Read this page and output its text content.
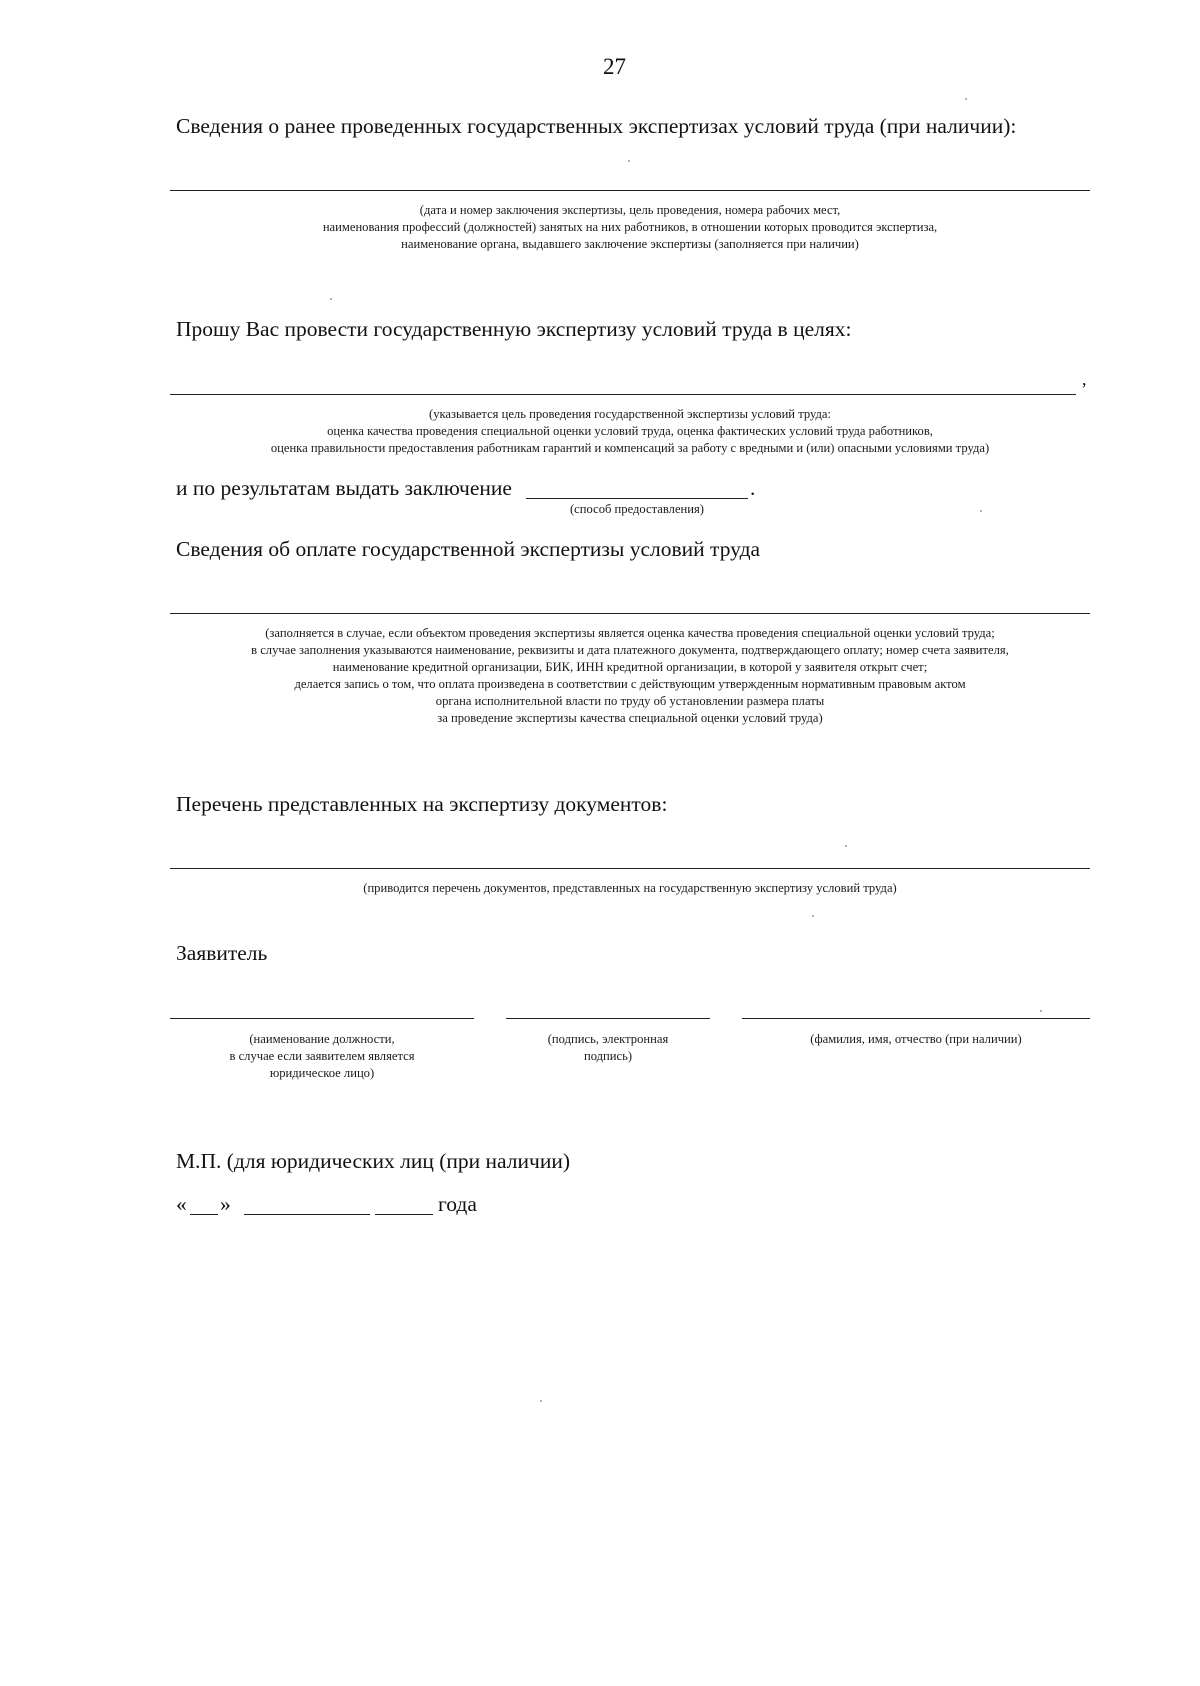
27
Сведения о ранее проведенных государственных экспертизах условий труда (при наличии):
(дата и номер заключения экспертизы, цель проведения, номера рабочих мест,
наименования профессий (должностей) занятых на них работников, в отношении которых проводится экспертиза,
наименование органа, выдавшего заключение экспертизы (заполняется при наличии)
Прошу Вас провести государственную экспертизу условий труда в целях:
,
(указывается цель проведения государственной экспертизы условий труда:
оценка качества проведения специальной оценки условий труда, оценка фактических условий труда работников,
оценка правильности предоставления работникам гарантий и компенсаций за работу с вредными и (или) опасными условиями труда)
и по результатам выдать заключение	.
(способ предоставления)
Сведения об оплате государственной экспертизы условий труда
(заполняется в случае, если объектом проведения экспертизы является оценка качества проведения специальной оценки условий труда;
в случае заполнения указываются наименование, реквизиты и дата платежного документа, подтверждающего оплату; номер счета заявителя,
наименование кредитной организации, БИК, ИНН кредитной организации, в которой у заявителя открыт счет;
делается запись о том, что оплата произведена в соответствии с действующим утвержденным нормативным правовым актом
органа исполнительной власти по труду об установлении размера платы
за проведение экспертизы качества специальной оценки условий труда)
Перечень представленных на экспертизу документов:
(приводится перечень документов, представленных на государственную экспертизу условий труда)
Заявитель
(наименование должности,
в случае если заявителем является
юридическое лицо)
(подпись, электронная
подпись)
(фамилия, имя, отчество (при наличии)
М.П. (для юридических лиц (при наличии)
« »	года
